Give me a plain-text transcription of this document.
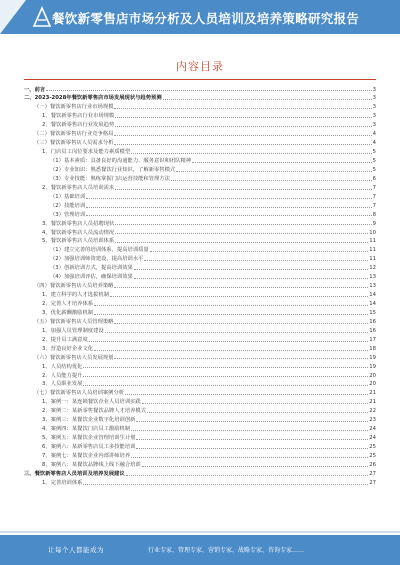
餐饮新零售店市场分析及人员培训及培养策略研究报告
内容目录
一、前言	3
二、2023-2028年餐饮新零售店市场发展现状与趋势预测	3
（一）餐饮新零售店行业市场规模	3
1、餐饮新零售店行业市场规模	3
2、餐饮新零售店行业发展趋势	3
（二）餐饮新零售店行业竞争格局	4
（三）餐饮新零售店人员需求分析	4
1、门店员工岗位要求及能力素质模型	5
（1）基本素质：具备良好的沟通能力、服务意识和团队精神	5
（2）专业知识：熟悉餐饮行业知识，了解新零售模式	5
（3）专业技能：熟练掌握门店运营技能和管理方法	6
2、餐饮新零售店人员培训需求	7
（1）基础培训	7
（2）技能培训	7
（3）管理培训	8
3、餐饮新零售店人员招聘现状	9
4、餐饮新零售店人员流动情况	10
5、餐饮新零售店人员培训体系	11
（1）建立完善的培训体系，提高培训质量	11
（2）加强培训师资建设，提高培训水平	11
（3）创新培训方式，提高培训效果	12
（4）加强培训评估，确保培训效果	13
（四）餐饮新零售店人员培养策略	13
1、建立科学的人才选拔机制	14
2、完善人才培养体系	14
3、优化薪酬激励机制	15
（五）餐饮新零售店人员管理策略	16
1、加强人员管理制度建设	16
2、提升员工满意度	17
3、营造良好企业文化	18
（六）餐饮新零售店人员发展规划	19
1、人员结构优化	19
2、人员能力提升	20
3、人员职业发展	20
（七）餐饮新零售店人员培训案例分析	21
1、案例一：某连锁餐饮企业人员培训实践	21
2、案例二：某新零售餐饮品牌人才培养模式	22
3、案例三：某餐饮企业数字化培训创新	23
4、案例四：某餐饮门店员工激励机制	24
5、案例五：某餐饮企业管理培训生计划	24
6、案例六：某新零售店员工多技能培训	25
7、案例七：某餐饮企业内部讲师培养	25
8、案例八：某餐饮品牌线上线下融合培训	26
三、餐饮新零售店人员培训及培养发展建议	27
1、完善培训体系	27
让每个人都能成为	行业专家、管理专家、营销专家、战略专家、咨询专家……
